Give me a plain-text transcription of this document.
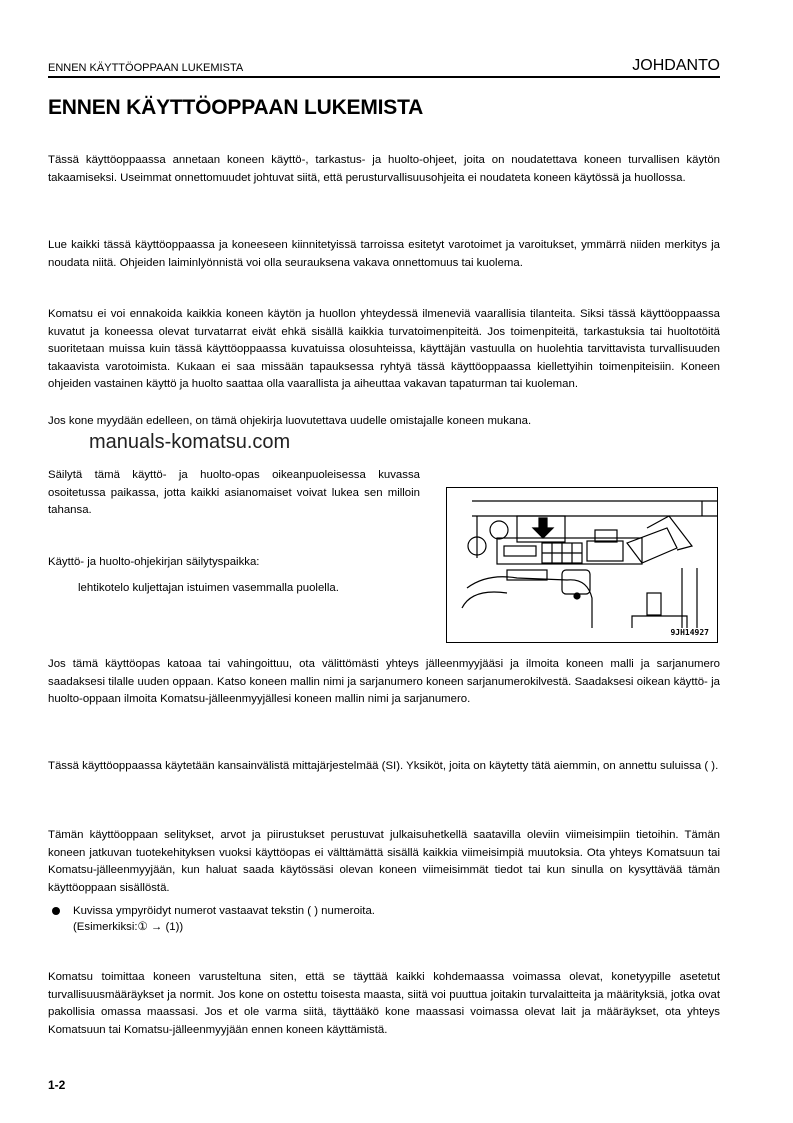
ENNEN KÄYTTÖOPPAAN LUKEMISTA	JOHDANTO
ENNEN KÄYTTÖOPPAAN LUKEMISTA

Tässä käyttöoppaassa annetaan koneen käyttö-, tarkastus- ja huolto-ohjeet, joita on noudatettava koneen turvallisen käytön takaamiseksi. Useimmat onnettomuudet johtuvat siitä, että perusturvallisuusohjeita ei noudateta koneen käytössä ja huollossa.

Lue kaikki tässä käyttöoppaassa ja koneeseen kiinnitetyissä tarroissa esitetyt varotoimet ja varoitukset, ymmärrä niiden merkitys ja noudata niitä. Ohjeiden laiminlyönnistä voi olla seurauksena vakava onnettomuus tai kuolema.

Komatsu ei voi ennakoida kaikkia koneen käytön ja huollon yhteydessä ilmeneviä vaarallisia tilanteita. Siksi tässä käyttöoppaassa kuvatut ja koneessa olevat turvatarrat eivät ehkä sisällä kaikkia turvatoimenpiteitä. Jos toimenpiteitä, tarkastuksia tai huoltotöitä suoritetaan muissa kuin tässä käyttöoppaassa kuvatuissa olosuhteissa, käyttäjän vastuulla on huolehtia tarvittavista turvallisuuden takaavista varotoimista. Kukaan ei saa missään tapauksessa ryhtyä tässä käyttöoppaassa kiellettyihin toimenpiteisiin. Koneen ohjeiden vastainen käyttö ja huolto saattaa olla vaarallista ja aiheuttaa vakavan tapaturman tai kuoleman.

Jos kone myydään edelleen, on tämä ohjekirja luovutettava uudelle omistajalle koneen mukana.

manuals-komatsu.com

Säilytä tämä käyttö- ja huolto-opas oikeanpuoleisessa kuvassa osoitetussa paikassa, jotta kaikki asianomaiset voivat lukea sen milloin tahansa.

Käyttö- ja huolto-ohjekirjan säilytyspaikka:

lehtikotelo kuljettajan istuimen vasemmalla puolella.
9JH14927

Jos tämä käyttöopas katoaa tai vahingoittuu, ota välittömästi yhteys jälleenmyyjääsi ja ilmoita koneen malli ja sarjanumero saadaksesi tilalle uuden oppaan. Katso koneen mallin nimi ja sarjanumero koneen sarjanumerokilvestä. Saadaksesi oikean käyttö- ja huolto-oppaan ilmoita Komatsu-jälleenmyyjällesi koneen mallin nimi ja sarjanumero.

Tässä käyttöoppaassa käytetään kansainvälistä mittajärjestelmää (SI). Yksiköt, joita on käytetty tätä aiemmin, on annettu suluissa ( ).

Tämän käyttöoppaan selitykset, arvot ja piirustukset perustuvat julkaisuhetkellä saatavilla oleviin viimeisimpiin tietoihin. Tämän koneen jatkuvan tuotekehityksen vuoksi käyttöopas ei välttämättä sisällä kaikkia viimeisimpiä muutoksia. Ota yhteys Komatsuun tai Komatsu-jälleenmyyjään, kun haluat saada käytössäsi olevan koneen viimeisimmät tiedot tai kun sinulla on kysyttävää tämän käyttöoppaan sisällöstä.

Kuvissa ympyröidyt numerot vastaavat tekstin ( ) numeroita.
(Esimerkiksi:① → (1))

Komatsu toimittaa koneen varusteltuna siten, että se täyttää kaikki kohdemaassa voimassa olevat, konetyypille asetetut turvallisuusmääräykset ja normit. Jos kone on ostettu toisesta maasta, siitä voi puuttua joitakin turvalaitteita ja määrityksiä, jotka ovat pakollisia omassa maassasi. Jos et ole varma siitä, täyttääkö kone maassasi voimassa olevat lait ja määräykset, ota yhteys Komatsuun tai Komatsu-jälleenmyyjään ennen koneen käyttämistä.

1-2
